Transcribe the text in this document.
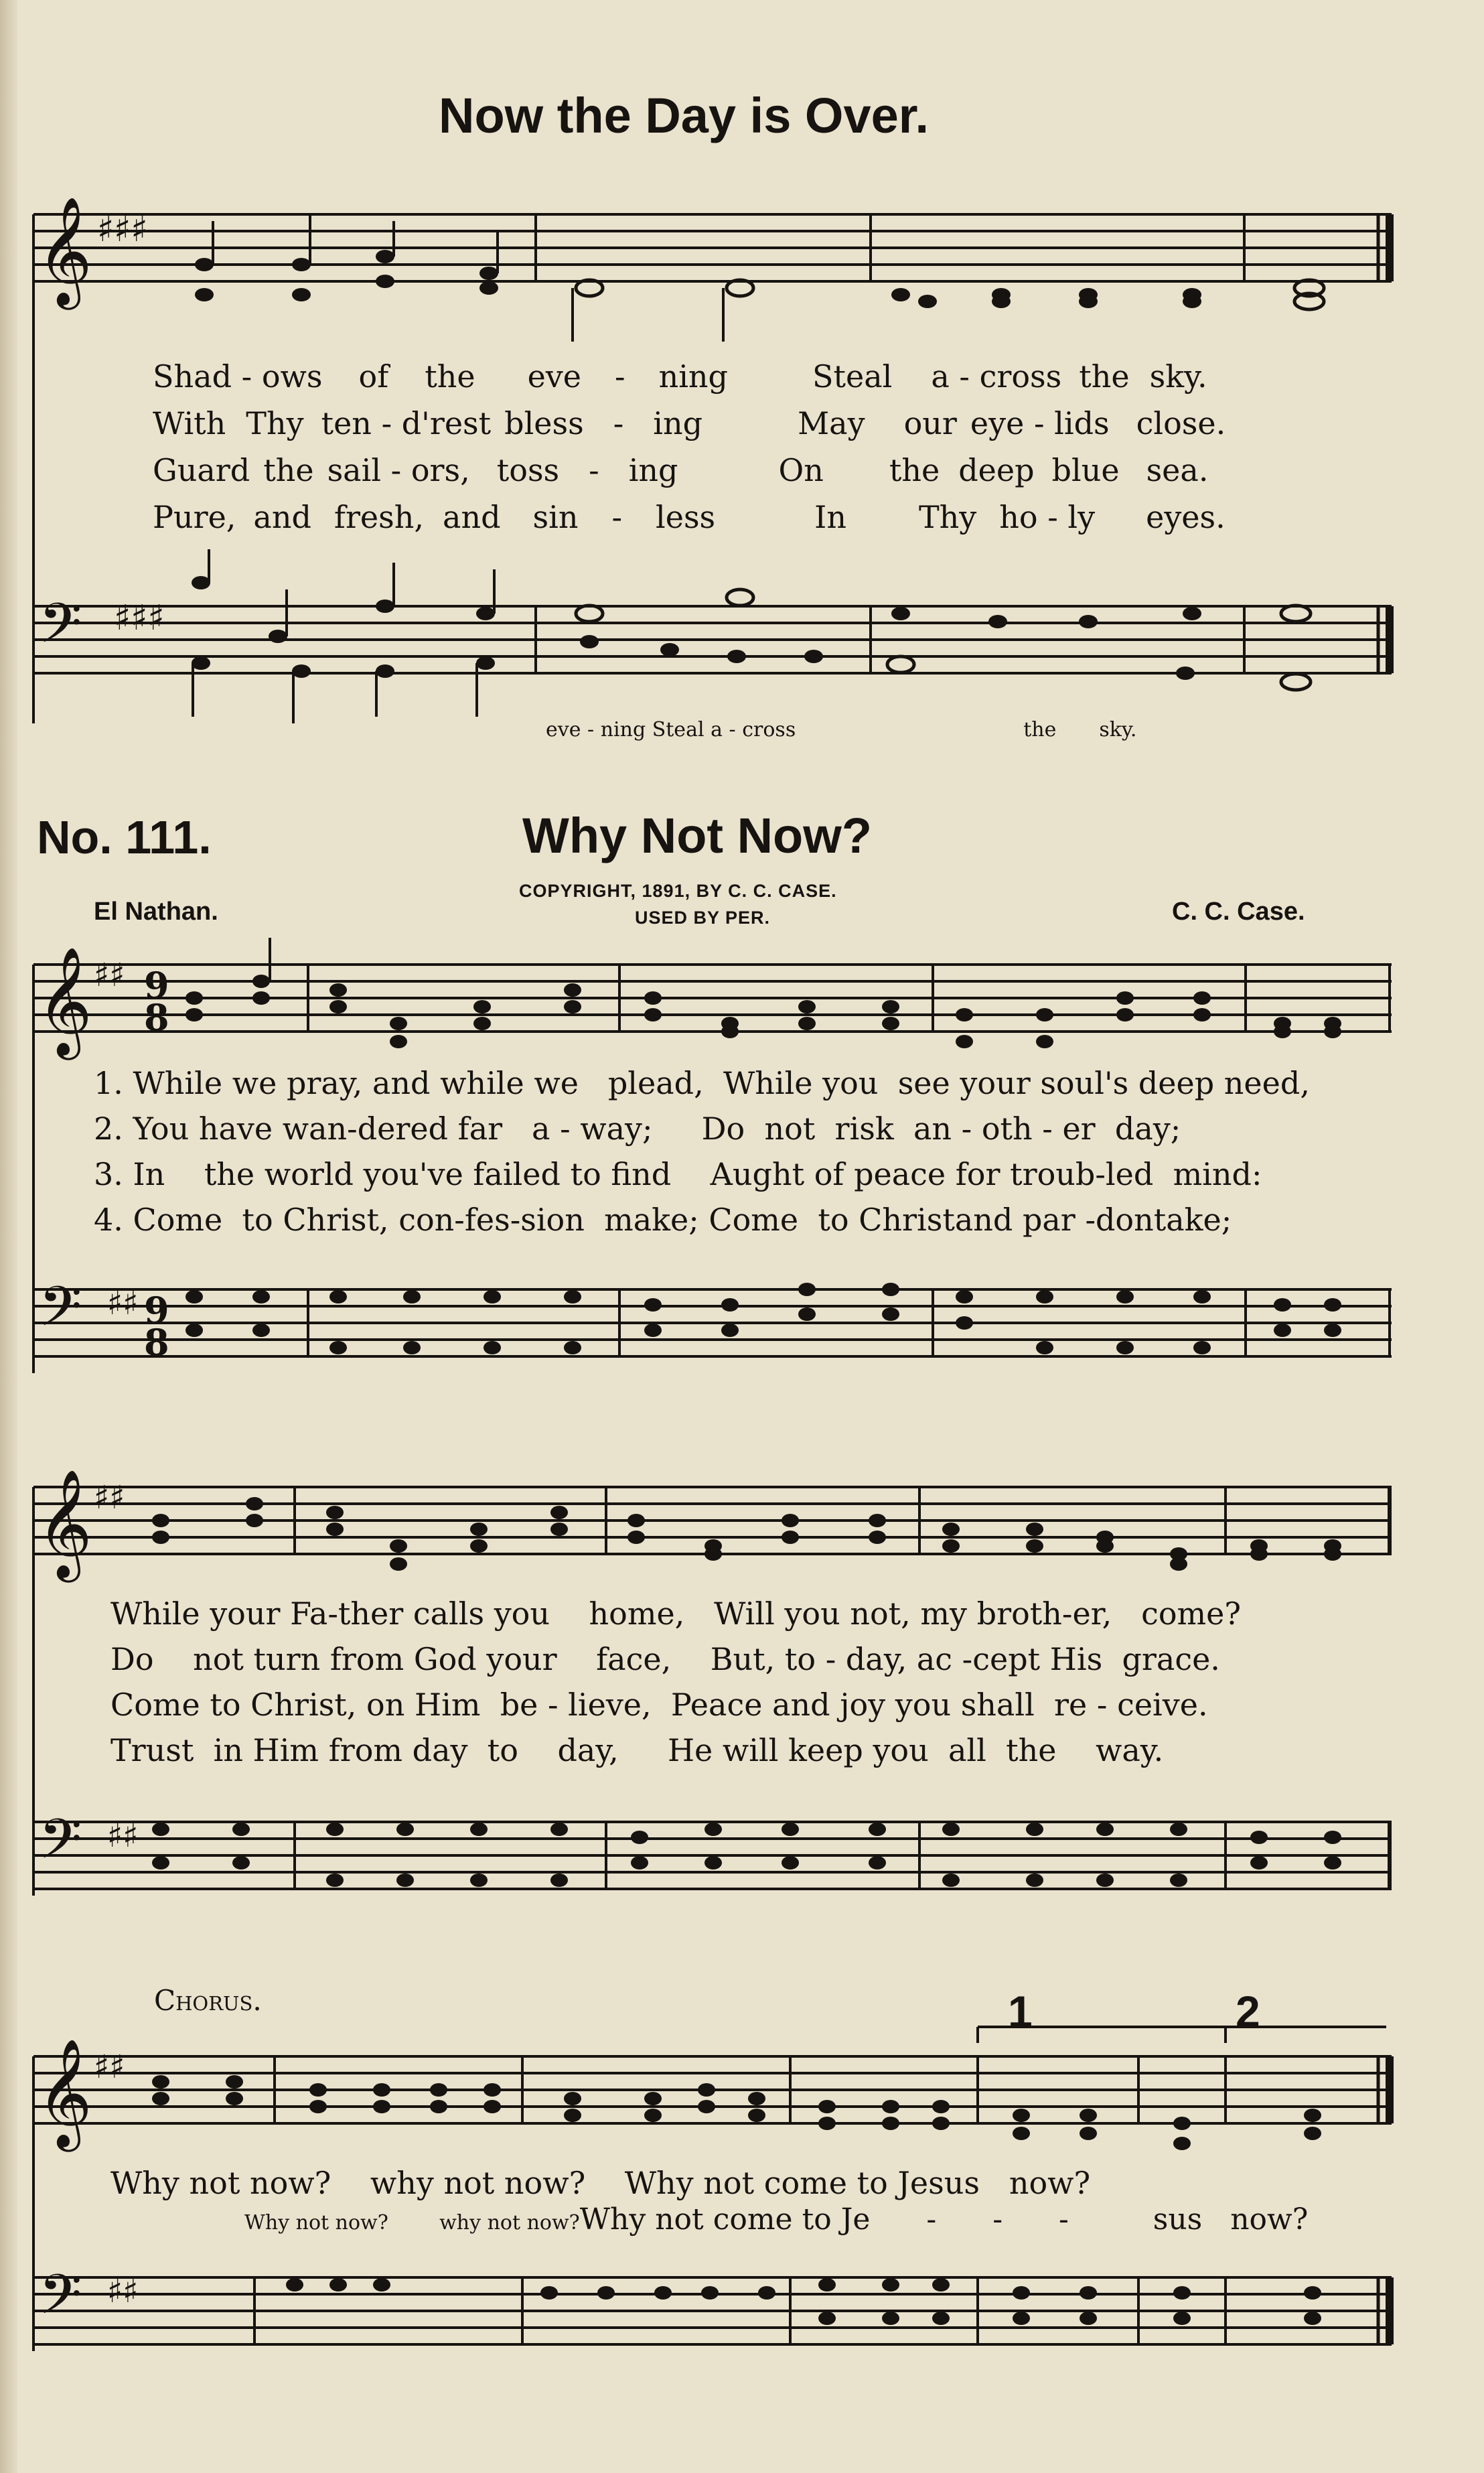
Now the Day is Over.
𝄞 ♯♯♯
Shad - ows of the eve - ning	Steal a - cross the sky.
With Thy ten - d'rest bless - ing	May our eye - lids close.
Guard the sail - ors, toss - ing	On the deep blue sea.
Pure, and fresh, and sin - less	In Thy ho - ly eyes.
𝄢 ♯♯♯
eve - ning Steal a - cross	the sky.
No. 111.	Why Not Now?
COPYRIGHT, 1891, BY C. C. CASE.
USED BY PER.
El Nathan.	C. C. Case.
𝄞 ♯♯ 9
8
1. While we pray, and while we plead, While you see your soul's deep need,
2. You have wan-dered far a - way; Do not risk an - oth - er day;
3. In the world you've failed to find Aught of peace for troub-led mind:
4. Come to Christ, con-fes-sion make; Come to Christand par -dontake;
𝄢 ♯♯ 9
8
𝄞 ♯♯
While your Fa-ther calls you home, Will you not, my broth-er, come?
Do not turn from God your face, But, to - day, ac -cept His grace.
Come to Christ, on Him be - lieve, Peace and joy you shall re - ceive.
Trust in Him from day to day, He will keep you all the way.
𝄢 ♯♯
Chorus.	1	2
𝄞 ♯♯
Why not now? why not now? Why not come to Jesus now?
Why not now?	why not now?Why not come to Je - - -	sus now?
𝄢 ♯♯
